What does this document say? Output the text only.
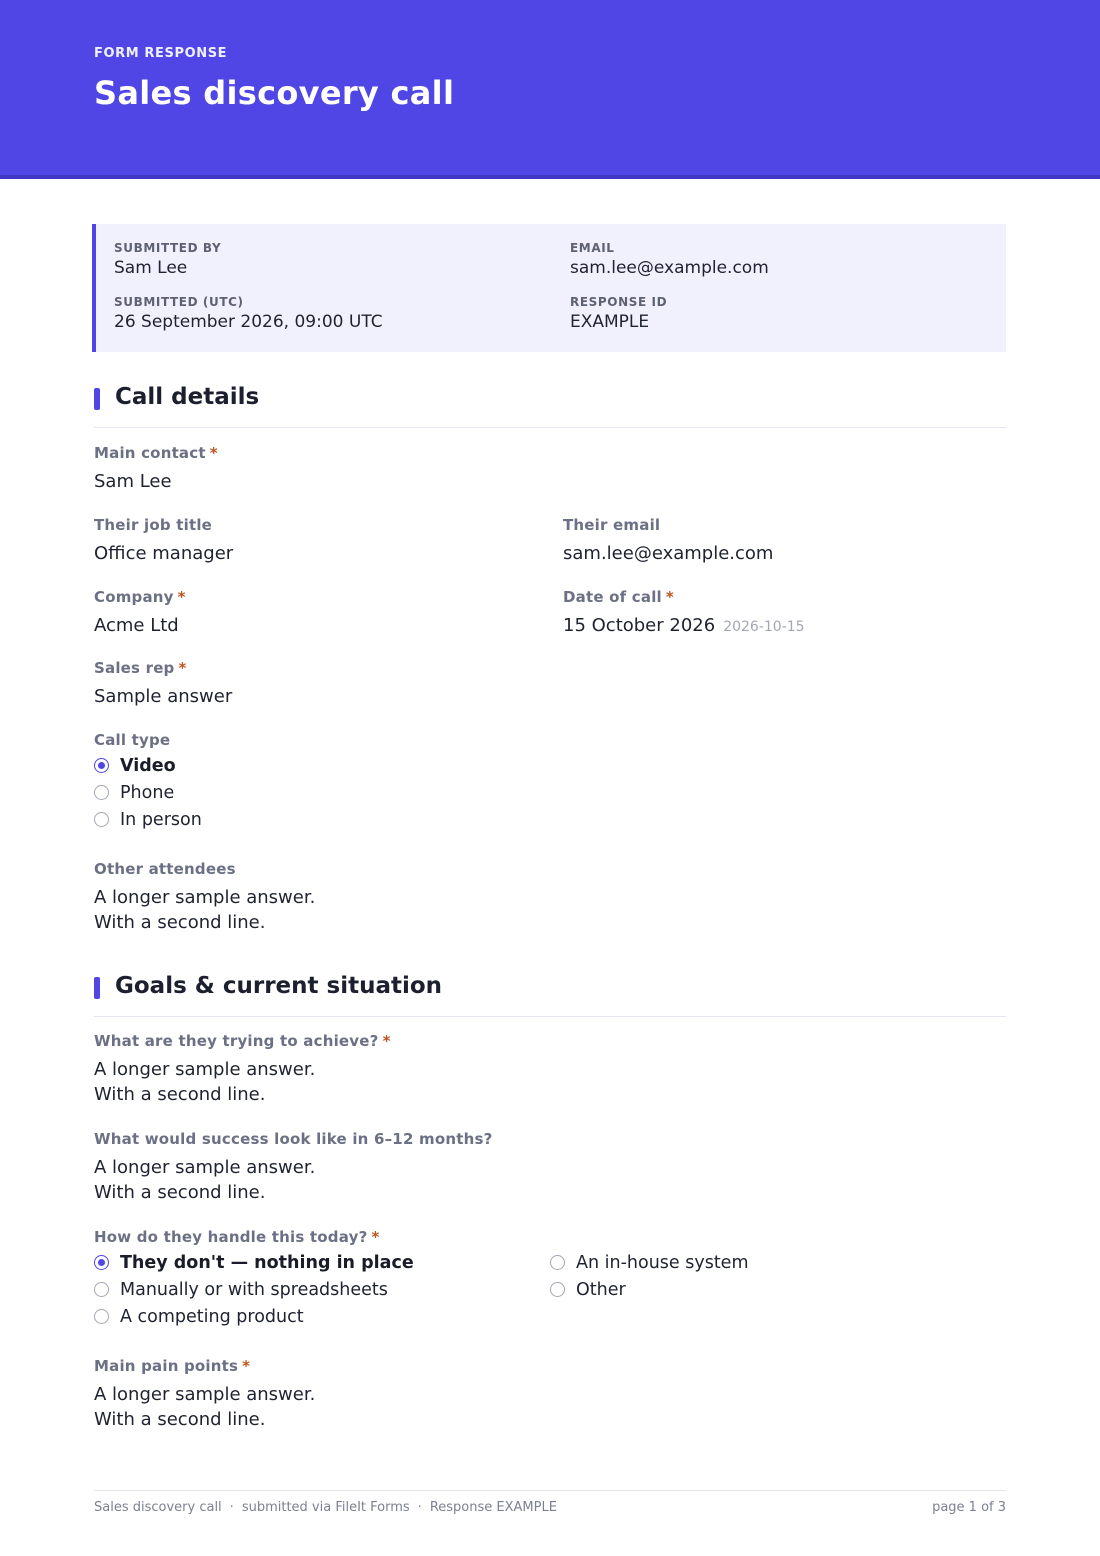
FORM RESPONSE
Sales discovery call
SUBMITTED BY
Sam Lee
EMAIL
sam.lee@example.com
SUBMITTED (UTC)
26 September 2026, 09:00 UTC
RESPONSE ID
EXAMPLE
Call details
Main contact *
Sam Lee
Their job title
Office manager
Their email
sam.lee@example.com
Company *
Acme Ltd
Date of call *
15 October 2026 2026-10-15
Sales rep *
Sample answer
Call type
Video
Phone
In person
Other attendees
A longer sample answer.
With a second line.
Goals & current situation
What are they trying to achieve? *
A longer sample answer.
With a second line.
What would success look like in 6–12 months?
A longer sample answer.
With a second line.
How do they handle this today? *
They don't — nothing in place
Manually or with spreadsheets
A competing product
An in-house system
Other
Main pain points *
A longer sample answer.
With a second line.
Sales discovery call · submitted via FileIt Forms · Response EXAMPLE	page 1 of 3
